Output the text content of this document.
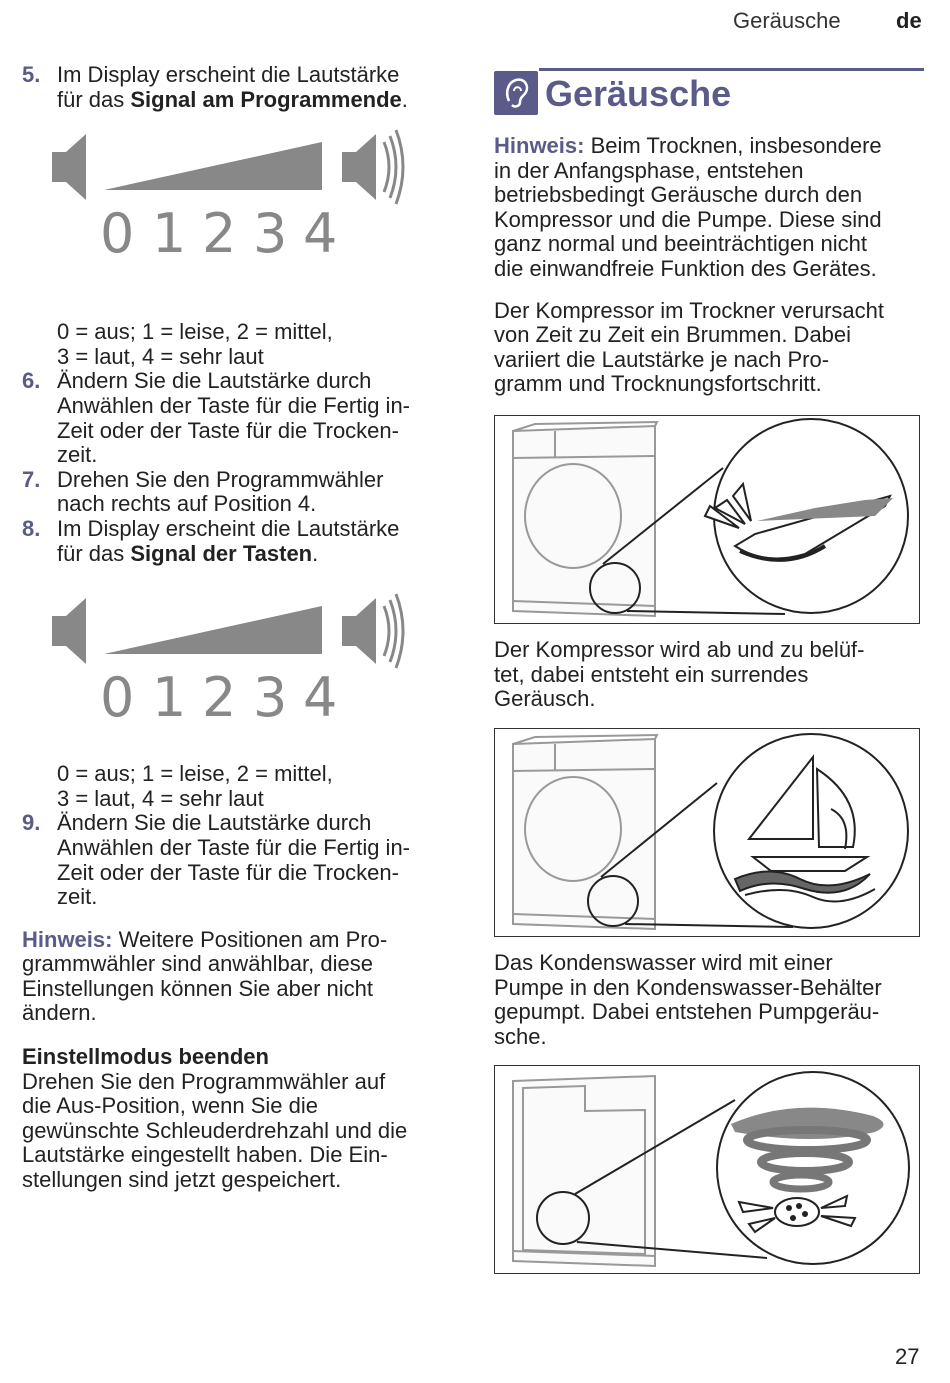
Geräusche	de
5. Im Display erscheint die Lautstärke
für das Signal am Programmende.
0 1 2 3 4
0 = aus; 1 = leise, 2 = mittel,
3 = laut, 4 = sehr laut
6. Ändern Sie die Lautstärke durch
Anwählen der Taste für die Fertig in-
Zeit oder der Taste für die Trocken-
zeit.
7. Drehen Sie den Programmwähler
nach rechts auf Position 4.
8. Im Display erscheint die Lautstärke
für das Signal der Tasten.
0 1 2 3 4
0 = aus; 1 = leise, 2 = mittel,
3 = laut, 4 = sehr laut
9. Ändern Sie die Lautstärke durch
Anwählen der Taste für die Fertig in-
Zeit oder der Taste für die Trocken-
zeit.
Hinweis: Weitere Positionen am Pro-
grammwähler sind anwählbar, diese
Einstellungen können Sie aber nicht
ändern.
Einstellmodus beenden
Drehen Sie den Programmwähler auf
die Aus-Position, wenn Sie die
gewünschte Schleuderdrehzahl und die
Lautstärke eingestellt haben. Die Ein-
stellungen sind jetzt gespeichert.
Geräusche
Hinweis: Beim Trocknen, insbesondere
in der Anfangsphase, entstehen
betriebsbedingt Geräusche durch den
Kompressor und die Pumpe. Diese sind
ganz normal und beeinträchtigen nicht
die einwandfreie Funktion des Gerätes.
Der Kompressor im Trockner verursacht
von Zeit zu Zeit ein Brummen. Dabei
variiert die Lautstärke je nach Pro-
gramm und Trocknungsfortschritt.
Der Kompressor wird ab und zu belüf-
tet, dabei entsteht ein surrendes
Geräusch.
Das Kondenswasser wird mit einer
Pumpe in den Kondenswasser-Behälter
gepumpt. Dabei entstehen Pumpgeräu-
sche.
27
